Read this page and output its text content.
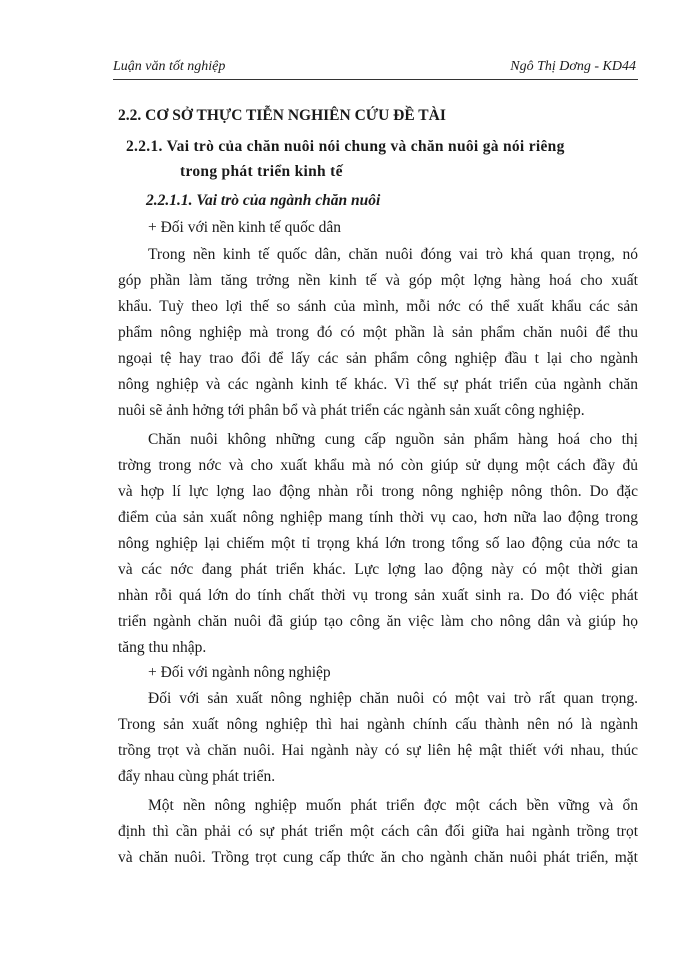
Luận văn tốt nghiệp	Ngô Thị Dơng - KD44
2.2. CƠ SỞ THỰC TIỄN NGHIÊN CỨU ĐỀ TÀI
2.2.1. Vai trò của chăn nuôi nói chung và chăn nuôi gà nói riêng
trong phát triển kinh tế
2.2.1.1. Vai trò của ngành chăn nuôi
+ Đối với nền kinh tế quốc dân
Trong nền kinh tế quốc dân, chăn nuôi đóng vai trò khá quan trọng, nó
góp phần làm tăng trởng nền kinh tế và góp một lợng hàng hoá cho xuất
khẩu. Tuỳ theo lợi thế so sánh của mình, mỗi nớc có thể xuất khẩu các sản
phẩm nông nghiệp mà trong đó có một phần là sản phẩm chăn nuôi để thu
ngoại tệ hay trao đổi để lấy các sản phẩm công nghiệp đầu t lại cho ngành
nông nghiệp và các ngành kinh tế khác. Vì thế sự phát triển của ngành chăn
nuôi sẽ ảnh hởng tới phân bổ và phát triển các ngành sản xuất công nghiệp.
Chăn nuôi không những cung cấp nguồn sản phẩm hàng hoá cho thị
trờng trong nớc và cho xuất khẩu mà nó còn giúp sử dụng một cách đầy đủ
và hợp lí lực lợng lao động nhàn rỗi trong nông nghiệp nông thôn. Do đặc
điểm của sản xuất nông nghiệp mang tính thời vụ cao, hơn nữa lao động trong
nông nghiệp lại chiếm một tỉ trọng khá lớn trong tổng số lao động của nớc ta
và các nớc đang phát triển khác. Lực lợng lao động này có một thời gian
nhàn rỗi quá lớn do tính chất thời vụ trong sản xuất sinh ra. Do đó việc phát
triển ngành chăn nuôi đã giúp tạo công ăn việc làm cho nông dân và giúp họ
tăng thu nhập.
+ Đối với ngành nông nghiệp
Đối với sản xuất nông nghiệp chăn nuôi có một vai trò rất quan trọng.
Trong sản xuất nông nghiệp thì hai ngành chính cấu thành nên nó là ngành
trồng trọt và chăn nuôi. Hai ngành này có sự liên hệ mật thiết với nhau, thúc
đẩy nhau cùng phát triển.
Một nền nông nghiệp muốn phát triển đợc một cách bền vững và ổn
định thì cần phải có sự phát triển một cách cân đối giữa hai ngành trồng trọt
và chăn nuôi. Trồng trọt cung cấp thức ăn cho ngành chăn nuôi phát triển, mặt
